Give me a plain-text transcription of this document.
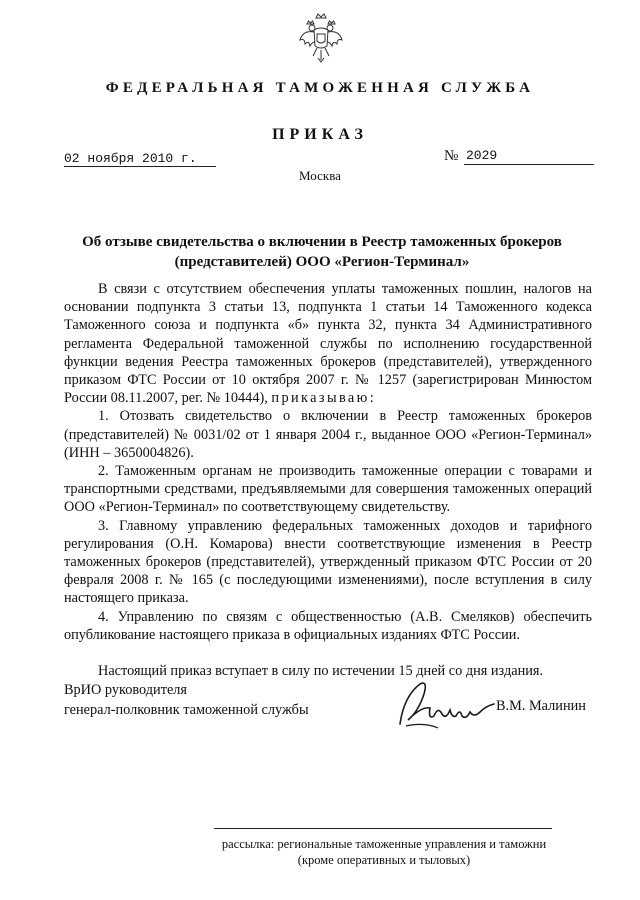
ФЕДЕРАЛЬНАЯ ТАМОЖЕННАЯ СЛУЖБА
ПРИКАЗ
02 ноября 2010 г.	№ 2029
Москва
Об отзыве свидетельства о включении в Реестр таможенных брокеров
(представителей) ООО «Регион-Терминал»

В связи с отсутствием обеспечения уплаты таможенных пошлин, налогов на основании подпункта 3 статьи 13, подпункта 1 статьи 14 Таможенного кодекса Таможенного союза и подпункта «б» пункта 32, пункта 34 Административного регламента Федеральной таможенной службы по исполнению государственной функции ведения Реестра таможенных брокеров (представителей), утвержденного приказом ФТС России от 10 октября 2007 г. № 1257 (зарегистрирован Минюстом России 08.11.2007, рег. № 10444), приказываю:

1. Отозвать свидетельство о включении в Реестр таможенных брокеров (представителей) № 0031/02 от 1 января 2004 г., выданное ООО «Регион-Терминал» (ИНН – 3650004826).

2. Таможенным органам не производить таможенные операции с товарами и транспортными средствами, предъявляемыми для совершения таможенных операций ООО «Регион-Терминал» по соответствующему свидетельству.

3. Главному управлению федеральных таможенных доходов и тарифного регулирования (О.Н. Комарова) внести соответствующие изменения в Реестр таможенных брокеров (представителей), утвержденный приказом ФТС России от 20 февраля 2008 г. № 165 (с последующими изменениями), после вступления в силу настоящего приказа.

4. Управлению по связям с общественностью (А.В. Смеляков) обеспечить опубликование настоящего приказа в официальных изданиях ФТС России.

Настоящий приказ вступает в силу по истечении 15 дней со дня издания.

ВрИО руководителя
генерал-полковник таможенной службы	В.М. Малинин
рассылка: региональные таможенные управления и таможни
(кроме оперативных и тыловых)
